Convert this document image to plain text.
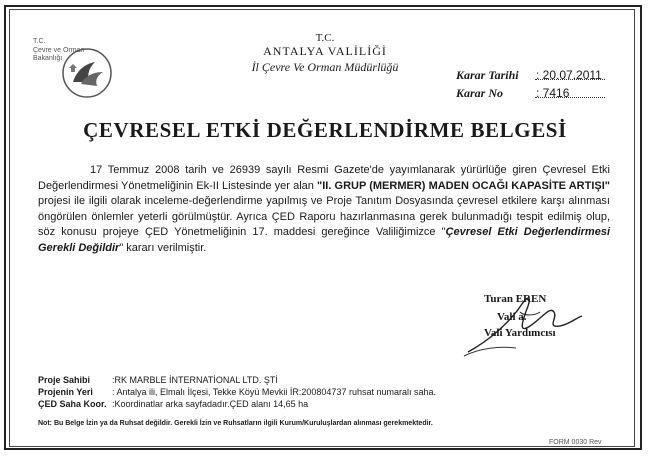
T.C.
Çevre ve Orman
Bakanlığı
T.C.
ANTALYA VALİLİĞİ
İl Çevre Ve Orman Müdürlüğü
Karar Tarihi : 20.07.2011
Karar No	: 7416
ÇEVRESEL ETKİ DEĞERLENDİRME BELGESİ

17 Temmuz 2008 tarih ve 26939 sayılı Resmi Gazete'de yayımlanarak yürürlüğe giren Çevresel Etki Değerlendirmesi Yönetmeliğinin Ek-II Listesinde yer alan "II. GRUP (MERMER) MADEN OCAĞI KAPASİTE ARTIŞI" projesi ile ilgili olarak inceleme-değerlendirme yapılmış ve Proje Tanıtım Dosyasında çevresel etkilere karşı alınması öngörülen önlemler yeterli görülmüştür. Ayrıca ÇED Raporu hazırlanmasına gerek bulunmadığı tespit edilmiş olup, söz konusu projeye ÇED Yönetmeliğinin 17. maddesi gereğince Valiliğimizce "Çevresel Etki Değerlendirmesi Gerekli Değildir" kararı verilmiştir.

Turan EREN
Vali a.
Vali Yardımcısı
Proje Sahibi :RK MARBLE İNTERNATİONAL LTD. ŞTİ
Projenin Yeri : Antalya ili, Elmalı İlçesi, Tekke Köyü Mevkii İR:200804737 ruhsat numaralı saha.
ÇED Saha Koor. :Koordinatlar arka sayfadadır.ÇED alanı 14,65 ha
Not: Bu Belge İzin ya da Ruhsat değildir. Gerekli İzin ve Ruhsatların ilgili Kurum/Kuruluşlardan alınması gerekmektedir.
FORM 0030 Rev
